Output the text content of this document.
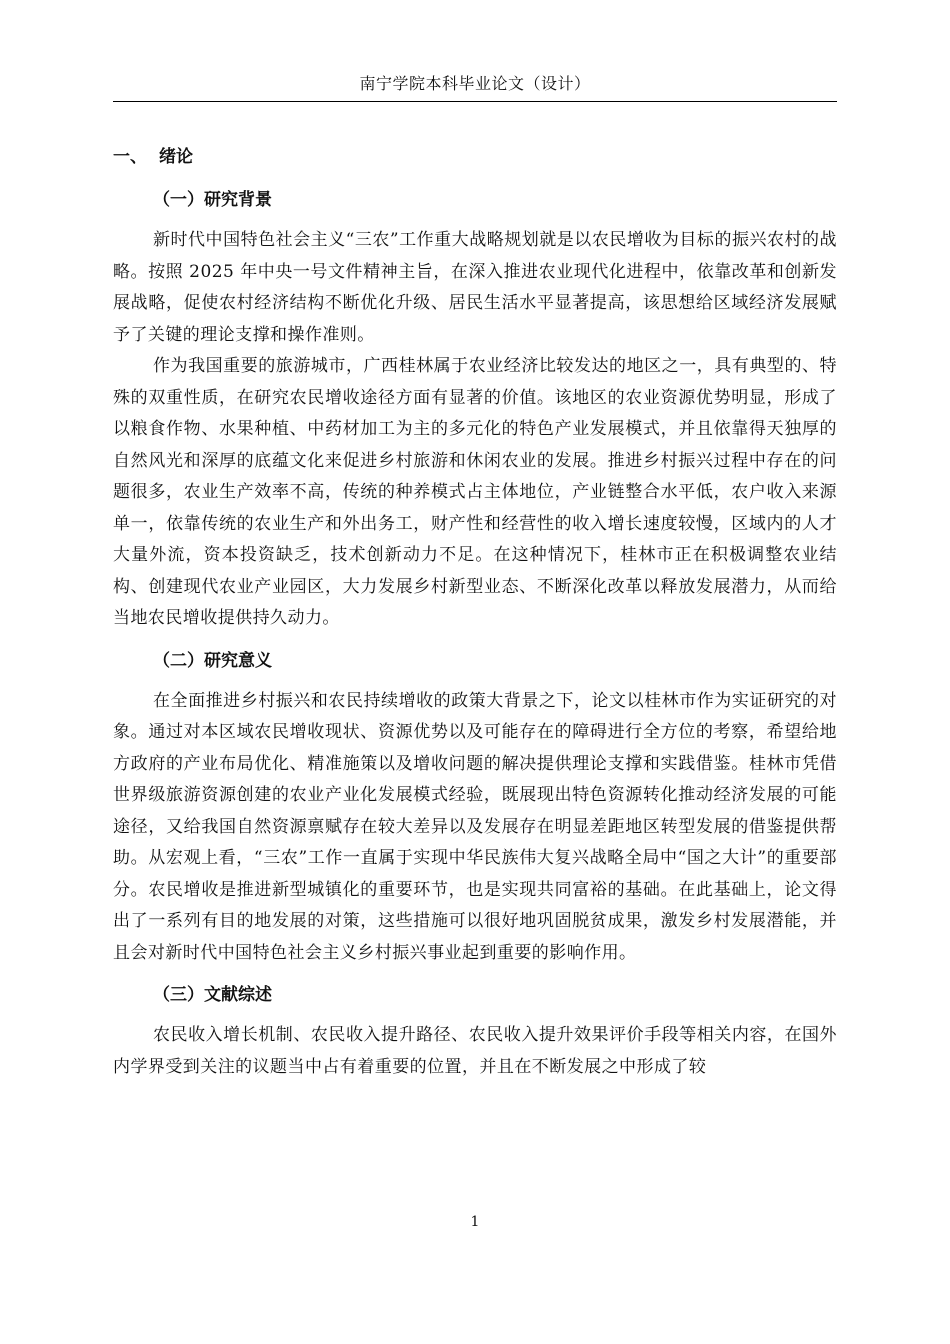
南宁学院本科毕业论文（设计）
一、 绪论
（一）研究背景

新时代中国特色社会主义“三农”工作重大战略规划就是以农民增收为目标的振兴农村的战略。按照 2025 年中央一号文件精神主旨，在深入推进农业现代化进程中，依靠改革和创新发展战略，促使农村经济结构不断优化升级、居民生活水平显著提高，该思想给区域经济发展赋予了关键的理论支撑和操作准则。

作为我国重要的旅游城市，广西桂林属于农业经济比较发达的地区之一，具有典型的、特殊的双重性质，在研究农民增收途径方面有显著的价值。该地区的农业资源优势明显，形成了以粮食作物、水果种植、中药材加工为主的多元化的特色产业发展模式，并且依靠得天独厚的自然风光和深厚的底蕴文化来促进乡村旅游和休闲农业的发展。推进乡村振兴过程中存在的问题很多，农业生产效率不高，传统的种养模式占主体地位，产业链整合水平低，农户收入来源单一，依靠传统的农业生产和外出务工，财产性和经营性的收入增长速度较慢，区域内的人才大量外流，资本投资缺乏，技术创新动力不足。在这种情况下，桂林市正在积极调整农业结构、创建现代农业产业园区，大力发展乡村新型业态、不断深化改革以释放发展潜力，从而给当地农民增收提供持久动力。

（二）研究意义

在全面推进乡村振兴和农民持续增收的政策大背景之下，论文以桂林市作为实证研究的对象。通过对本区域农民增收现状、资源优势以及可能存在的障碍进行全方位的考察，希望给地方政府的产业布局优化、精准施策以及增收问题的解决提供理论支撑和实践借鉴。桂林市凭借世界级旅游资源创建的农业产业化发展模式经验，既展现出特色资源转化推动经济发展的可能途径，又给我国自然资源禀赋存在较大差异以及发展存在明显差距地区转型发展的借鉴提供帮助。从宏观上看，“三农”工作一直属于实现中华民族伟大复兴战略全局中“国之大计”的重要部分。农民增收是推进新型城镇化的重要环节，也是实现共同富裕的基础。在此基础上，论文得出了一系列有目的地发展的对策，这些措施可以很好地巩固脱贫成果，激发乡村发展潜能，并且会对新时代中国特色社会主义乡村振兴事业起到重要的影响作用。

（三）文献综述

农民收入增长机制、农民收入提升路径、农民收入提升效果评价手段等相关内容，在国外内学界受到关注的议题当中占有着重要的位置，并且在不断发展之中形成了较

1
